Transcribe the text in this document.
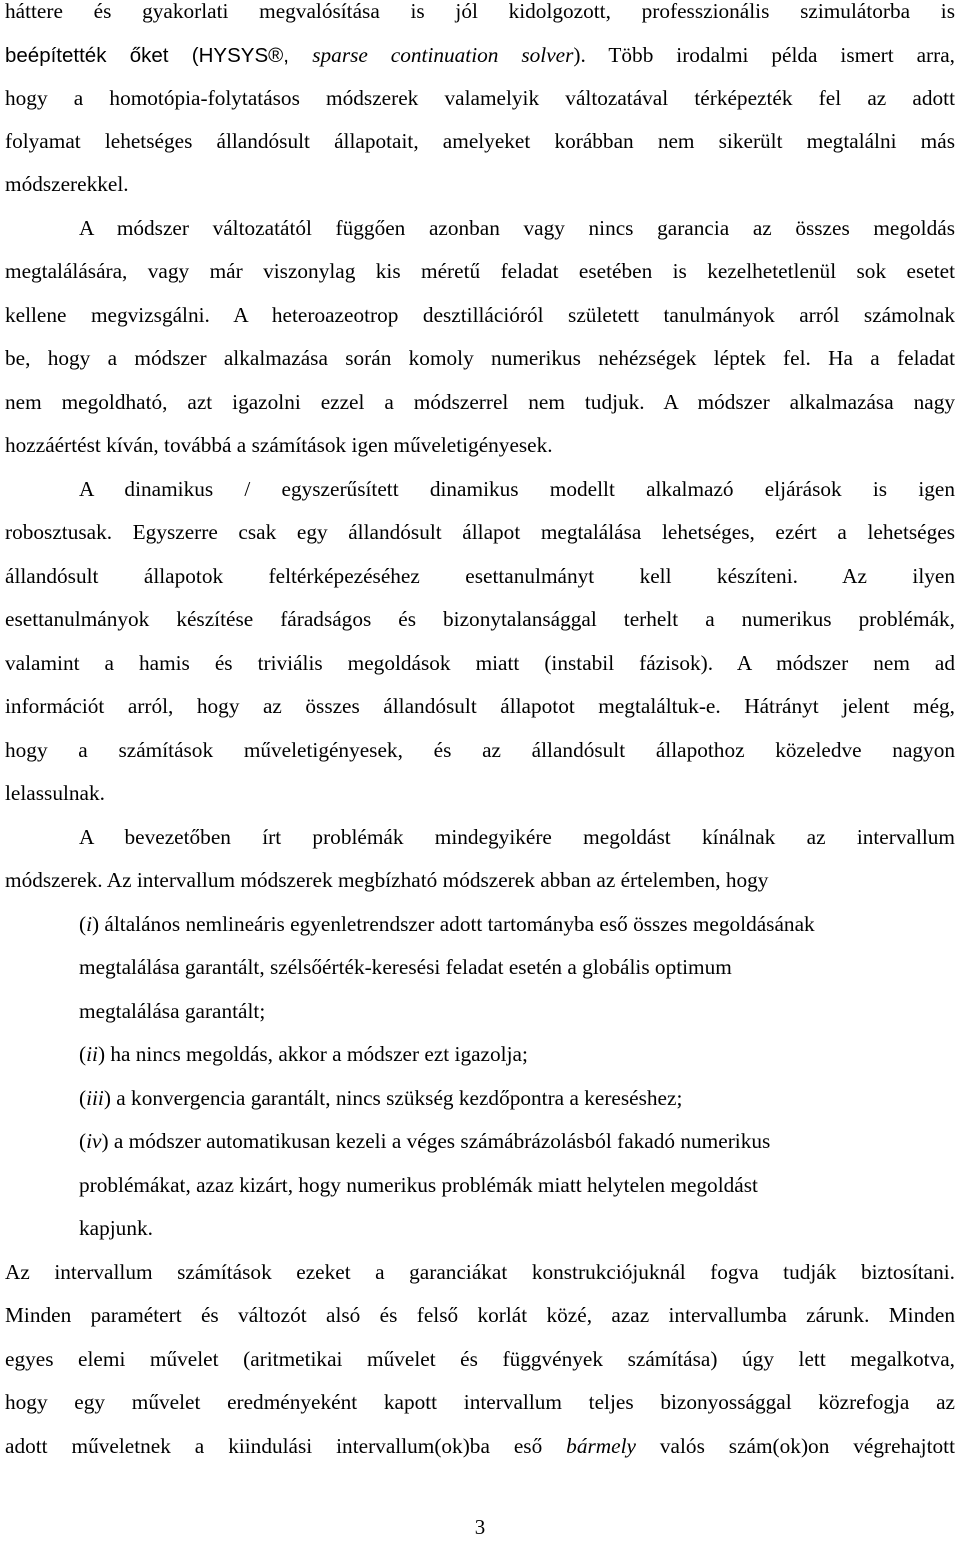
háttere és gyakorlati megvalósítása is jól kidolgozott, professzionális szimulátorba is
beépítették őket (HYSYS®, sparse continuation solver). Több irodalmi példa ismert arra,
hogy a homotópia-folytatásos módszerek valamelyik változatával térképezték fel az adott
folyamat lehetséges állandósult állapotait, amelyeket korábban nem sikerült megtalálni más
módszerekkel.
A módszer változatától függően azonban vagy nincs garancia az összes megoldás
megtalálására, vagy már viszonylag kis méretű feladat esetében is kezelhetetlenül sok esetet
kellene megvizsgálni. A heteroazeotrop desztillációról született tanulmányok arról számolnak
be, hogy a módszer alkalmazása során komoly numerikus nehézségek léptek fel. Ha a feladat
nem megoldható, azt igazolni ezzel a módszerrel nem tudjuk. A módszer alkalmazása nagy
hozzáértést kíván, továbbá a számítások igen műveletigényesek.
A dinamikus / egyszerűsített dinamikus modellt alkalmazó eljárások is igen
robosztusak. Egyszerre csak egy állandósult állapot megtalálása lehetséges, ezért a lehetséges
állandósult állapotok feltérképezéséhez esettanulmányt kell készíteni. Az ilyen
esettanulmányok készítése fáradságos és bizonytalansággal terhelt a numerikus problémák,
valamint a hamis és triviális megoldások miatt (instabil fázisok). A módszer nem ad
információt arról, hogy az összes állandósult állapotot megtaláltuk-e. Hátrányt jelent még,
hogy a számítások műveletigényesek, és az állandósult állapothoz közeledve nagyon
lelassulnak.
A bevezetőben írt problémák mindegyikére megoldást kínálnak az intervallum
módszerek. Az intervallum módszerek megbízható módszerek abban az értelemben, hogy
(i) általános nemlineáris egyenletrendszer adott tartományba eső összes megoldásának
megtalálása garantált, szélsőérték-keresési feladat esetén a globális optimum
megtalálása garantált;
(ii) ha nincs megoldás, akkor a módszer ezt igazolja;
(iii) a konvergencia garantált, nincs szükség kezdőpontra a kereséshez;
(iv) a módszer automatikusan kezeli a véges számábrázolásból fakadó numerikus
problémákat, azaz kizárt, hogy numerikus problémák miatt helytelen megoldást
kapjunk.
Az intervallum számítások ezeket a garanciákat konstrukciójuknál fogva tudják biztosítani.
Minden paramétert és változót alsó és felső korlát közé, azaz intervallumba zárunk. Minden
egyes elemi művelet (aritmetikai művelet és függvények számítása) úgy lett megalkotva,
hogy egy művelet eredményeként kapott intervallum teljes bizonyossággal közrefogja az
adott műveletnek a kiindulási intervallum(ok)ba eső bármely valós szám(ok)on végrehajtott
3
